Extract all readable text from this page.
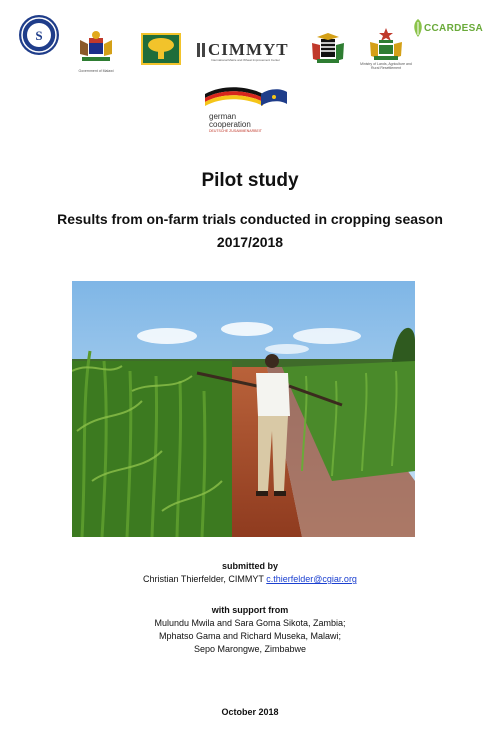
S
Government of Malawi
CIMMYT
International Maize and Wheat Improvement Center
Ministry of Lands, Agriculture and Rural Resettlement
CCARDESA
german
cooperation
DEUTSCHE ZUSAMMENARBEIT
Pilot study
Results from on-farm trials conducted in cropping season
2017/2018
submitted by
Christian Thierfelder, CIMMYT c.thierfelder@cgiar.org
with support from
Mulundu Mwila and Sara Goma Sikota, Zambia;
Mphatso Gama and Richard Museka, Malawi;
Sepo Marongwe, Zimbabwe
October 2018
